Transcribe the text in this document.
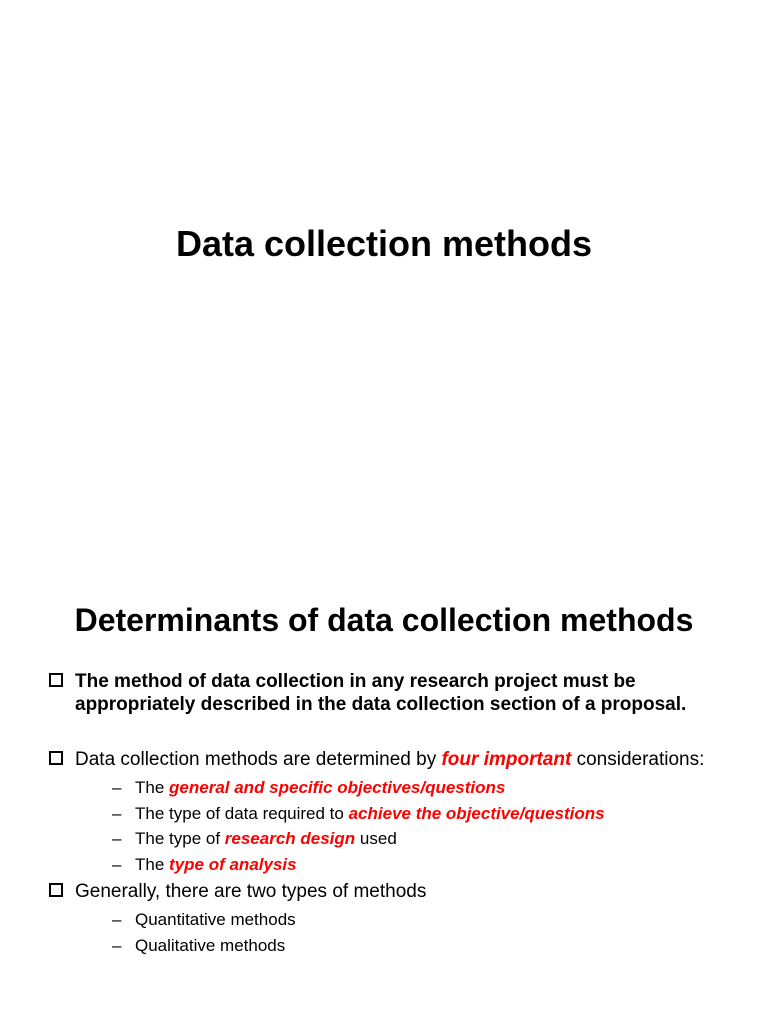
Data collection methods
Determinants of data collection methods
The method of data collection in any research project must be appropriately described in the data collection section of a proposal.
Data collection methods are determined by four important considerations:
– The general and specific objectives/questions
– The type of data required to achieve the objective/questions
– The type of research design used
– The type of analysis
Generally, there are two types of methods
– Quantitative methods
– Qualitative methods
